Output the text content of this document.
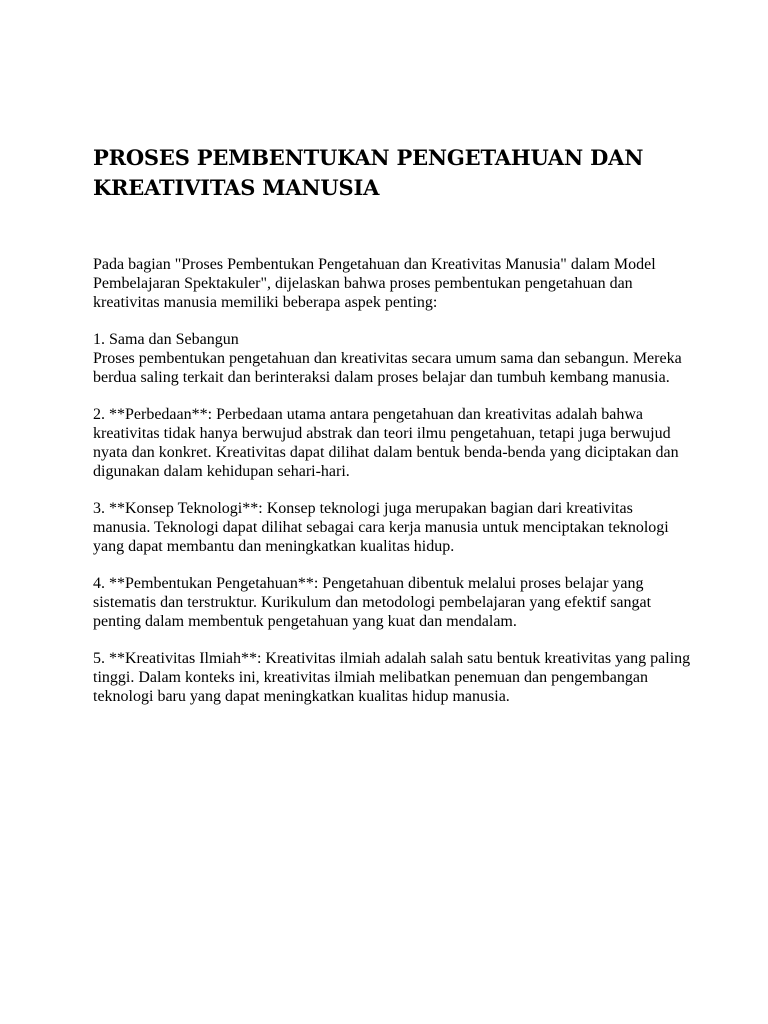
PROSES PEMBENTUKAN PENGETAHUAN DAN KREATIVITAS MANUSIA

Pada bagian "Proses Pembentukan Pengetahuan dan Kreativitas Manusia" dalam Model Pembelajaran Spektakuler", dijelaskan bahwa proses pembentukan pengetahuan dan kreativitas manusia memiliki beberapa aspek penting:

1. Sama dan Sebangun
Proses pembentukan pengetahuan dan kreativitas secara umum sama dan sebangun. Mereka berdua saling terkait dan berinteraksi dalam proses belajar dan tumbuh kembang manusia.

2. **Perbedaan**: Perbedaan utama antara pengetahuan dan kreativitas adalah bahwa kreativitas tidak hanya berwujud abstrak dan teori ilmu pengetahuan, tetapi juga berwujud nyata dan konkret. Kreativitas dapat dilihat dalam bentuk benda-benda yang diciptakan dan digunakan dalam kehidupan sehari-hari.

3. **Konsep Teknologi**: Konsep teknologi juga merupakan bagian dari kreativitas manusia. Teknologi dapat dilihat sebagai cara kerja manusia untuk menciptakan teknologi yang dapat membantu dan meningkatkan kualitas hidup.

4. **Pembentukan Pengetahuan**: Pengetahuan dibentuk melalui proses belajar yang sistematis dan terstruktur. Kurikulum dan metodologi pembelajaran yang efektif sangat penting dalam membentuk pengetahuan yang kuat dan mendalam.

5. **Kreativitas Ilmiah**: Kreativitas ilmiah adalah salah satu bentuk kreativitas yang paling tinggi. Dalam konteks ini, kreativitas ilmiah melibatkan penemuan dan pengembangan teknologi baru yang dapat meningkatkan kualitas hidup manusia.
